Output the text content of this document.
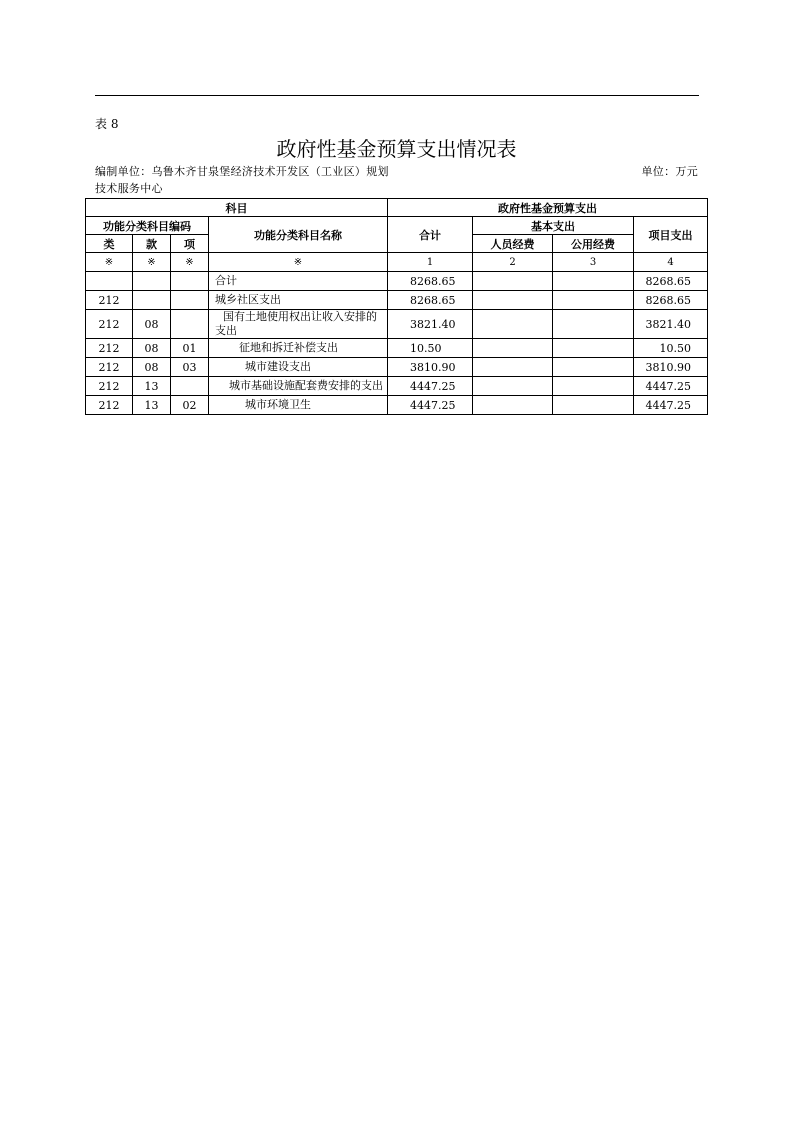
表 8
政府性基金预算支出情况表
编制单位：乌鲁木齐甘泉堡经济技术开发区（工业区）规划技术服务中心
单位：万元
科目				政府性基金预算支出			
功能分类科目编码			功能分类科目名称	合计	基本支出		项目支出
类	款	项			人员经费	公用经费	

※	※	※	※	1	2	3	4
			合计	8268.65			8268.65
212			城乡社区支出	8268.65			8268.65
212	08		国有土地使用权出让收入安排的支出	3821.40			3821.40
212	08	01	征地和拆迁补偿支出	10.50			10.50
212	08	03	城市建设支出	3810.90			3810.90
212	13		城市基础设施配套费安排的支出	4447.25			4447.25
212	13	02	城市环境卫生	4447.25			4447.25
